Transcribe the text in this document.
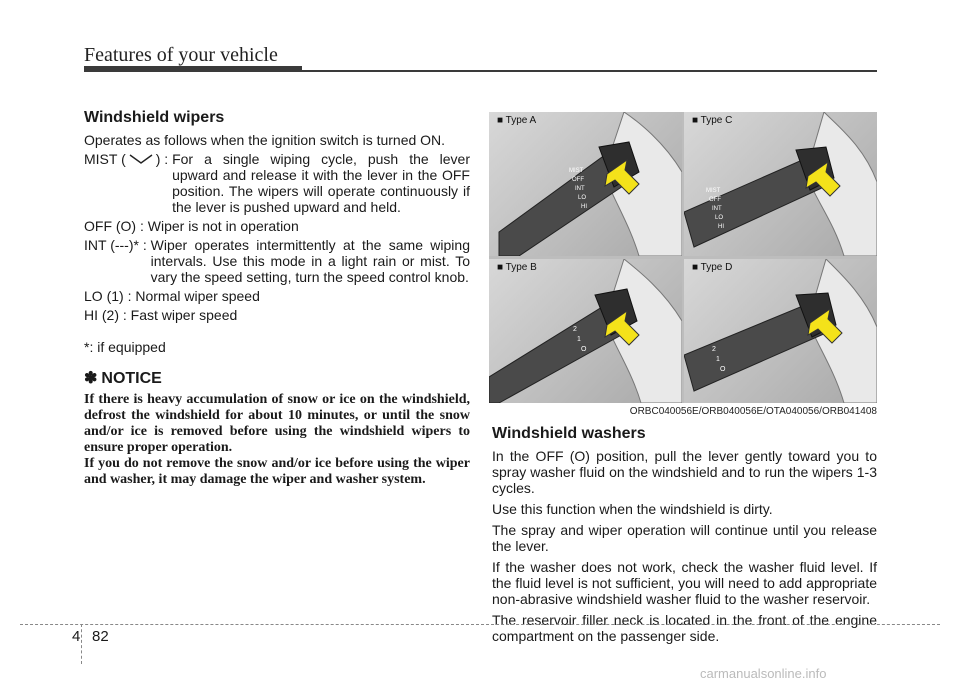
Features of your vehicle
Windshield wipers
Operates as follows when the ignition switch is turned ON.
MIST ( ) : For a single wiping cycle, push the lever upward and release it with the lever in the OFF position. The wipers will operate continuously if the lever is pushed upward and held.
OFF (O) :
Wiper is not in operation
INT (---)* :
Wiper operates intermittently at the same wiping intervals. Use this mode in a light rain or mist. To vary the speed setting, turn the speed control knob.
LO (1) :
Normal wiper speed
HI (2) :
Fast wiper speed
*: if equipped
✽ NOTICE

If there is heavy accumulation of snow or ice on the windshield, defrost the windshield for about 10 minutes, or until the snow and/or ice is removed before using the windshield wipers to ensure proper operation.

If you do not remove the snow and/or ice before using the wiper and washer, it may damage the wiper and washer system.

■ Type A
MIST
OFF
INT
LO
HI
■ Type C
MIST
OFF
INT
LO
HI
■ Type B
2
1
O
■ Type D
2
1
O
ORBC040056E/ORB040056E/OTA040056/ORB041408
Windshield washers
In the OFF (O) position, pull the lever gently toward you to spray washer fluid on the windshield and to run the wipers 1-3 cycles.
Use this function when the windshield is dirty.
The spray and wiper operation will continue until you release the lever.
If the washer does not work, check the washer fluid level. If the fluid level is not sufficient, you will need to add appropriate non-abrasive windshield washer fluid to the washer reservoir.
The reservoir filler neck is located in the front of the engine compartment on the passenger side.
4 82
carmanualsonline.info
